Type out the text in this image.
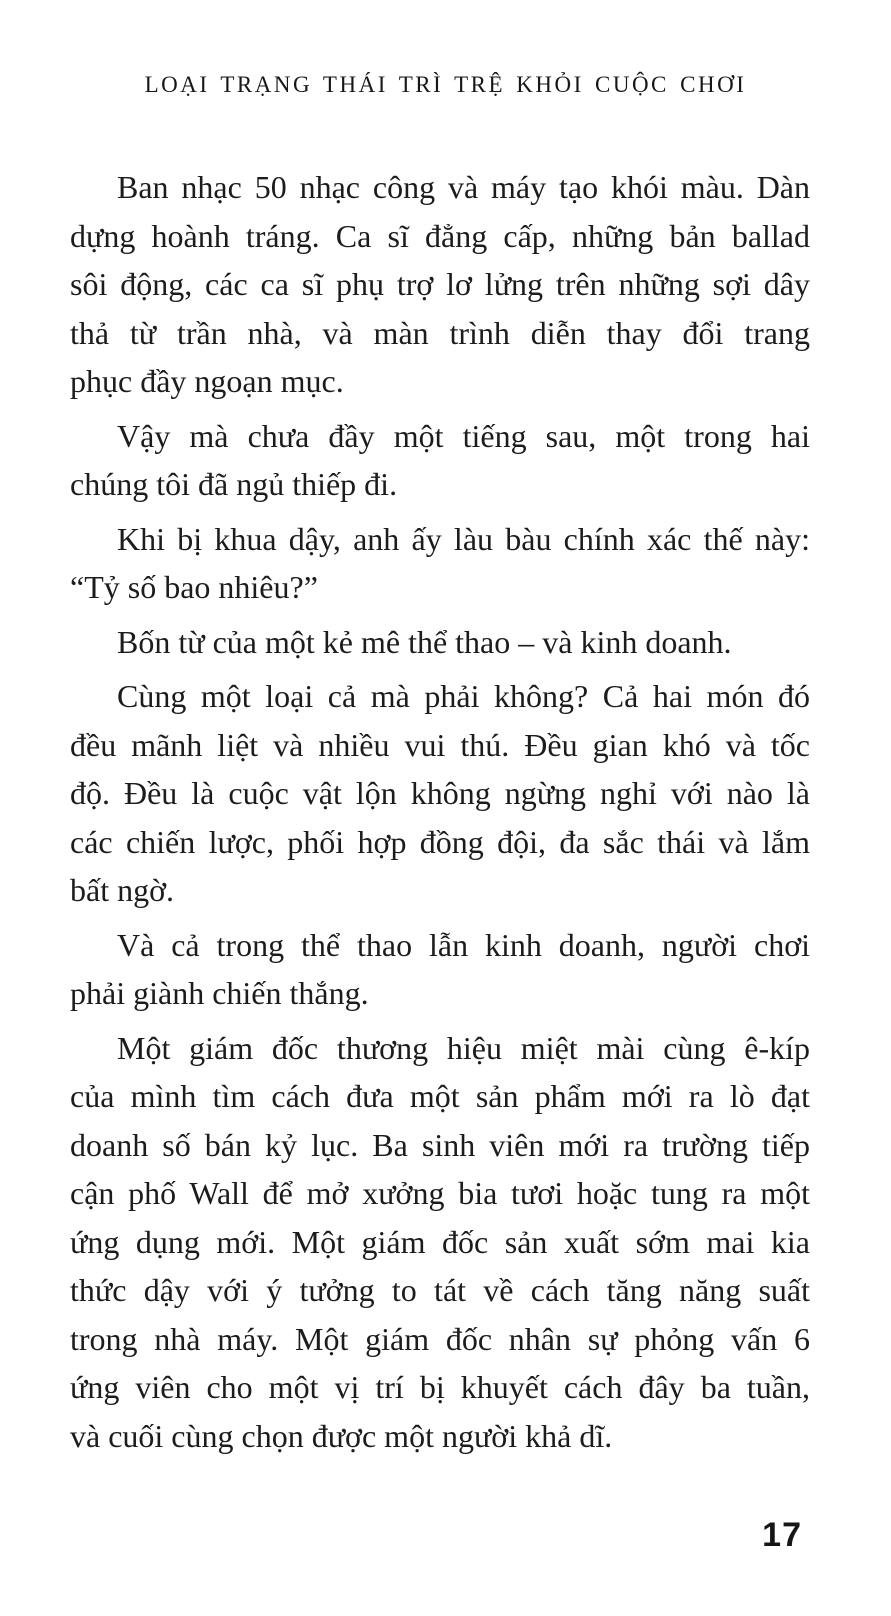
LOẠI TRẠNG THÁI TRÌ TRỆ KHỎI CUỘC CHƠI
Ban nhạc 50 nhạc công và máy tạo khói màu. Dàn
dựng hoành tráng. Ca sĩ đẳng cấp, những bản ballad
sôi động, các ca sĩ phụ trợ lơ lửng trên những sợi dây
thả từ trần nhà, và màn trình diễn thay đổi trang
phục đầy ngoạn mục.
Vậy mà chưa đầy một tiếng sau, một trong hai
chúng tôi đã ngủ thiếp đi.
Khi bị khua dậy, anh ấy làu bàu chính xác thế này:
“Tỷ số bao nhiêu?”
Bốn từ của một kẻ mê thể thao – và kinh doanh.
Cùng một loại cả mà phải không? Cả hai món đó
đều mãnh liệt và nhiều vui thú. Đều gian khó và tốc
độ. Đều là cuộc vật lộn không ngừng nghỉ với nào là
các chiến lược, phối hợp đồng đội, đa sắc thái và lắm
bất ngờ.
Và cả trong thể thao lẫn kinh doanh, người chơi
phải giành chiến thắng.
Một giám đốc thương hiệu miệt mài cùng ê-kíp
của mình tìm cách đưa một sản phẩm mới ra lò đạt
doanh số bán kỷ lục. Ba sinh viên mới ra trường tiếp
cận phố Wall để mở xưởng bia tươi hoặc tung ra một
ứng dụng mới. Một giám đốc sản xuất sớm mai kia
thức dậy với ý tưởng to tát về cách tăng năng suất
trong nhà máy. Một giám đốc nhân sự phỏng vấn 6
ứng viên cho một vị trí bị khuyết cách đây ba tuần,
và cuối cùng chọn được một người khả dĩ.
17
